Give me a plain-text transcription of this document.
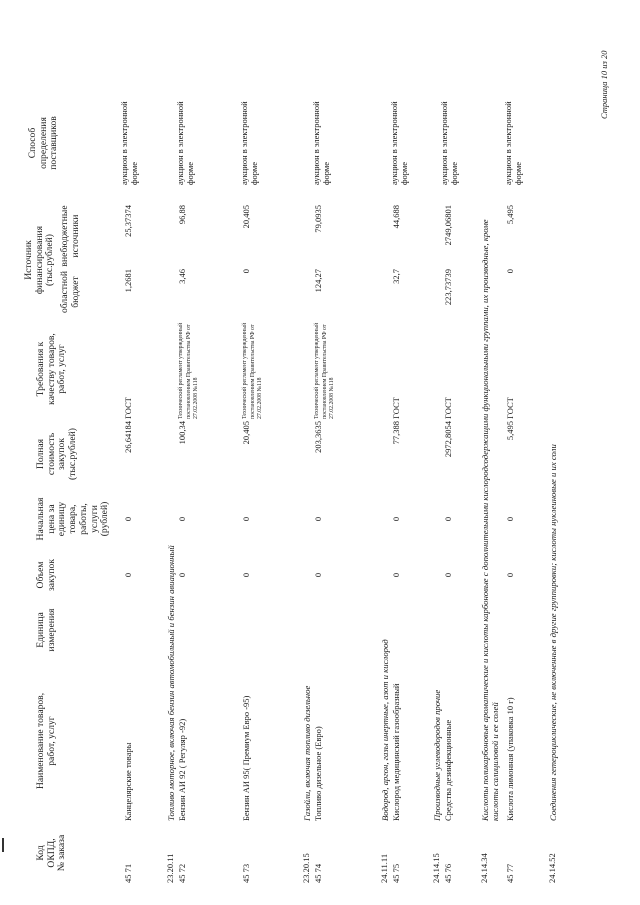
Код ОКПД, № заказа
Наименование товаров, работ, услуг
Единица измерения
Объем закупок
Начальная цена за единицу товара, работы, услуги (рублей)
Полная стоимость закупок (тыс.рублей)
Требования к качеству товаров, работ, услуг
Источник финансирования (тыс.рублей)
областной бюджет
внебюджетные источники
Способ определения поставщиков
45 71
Канцелярские товары
0
0
26,64184
ГОСТ
1,2681
25,37374
аукцион в электронной форме
23.20.11
Топливо моторное, включая бензин автомобильный и бензин авиационный
45 72
Бензин АИ 92 ( Регуляр -92)
0
0
100,34
Технический регламент утвержденный постановлением Правительства РФ от 27.02.2008 №118
3,46
96,88
аукцион в электронной форме
45 73
Бензин АИ 95( Премиум Евро -95)
0
0
20,405
Технический регламент утвержденный постановлением Правительства РФ от 27.02.2008 №118
0
20,405
аукцион в электронной форме
23.20.15
Газойли, включая топливо дизельное
45 74
Топливо дизельное (Евро)
0
0
203,3635
Технический регламент утвержденный постановлением Правительства РФ от 27.02.2008 №118
124,27
79,0935
аукцион в электронной форме
24.11.11
Водород, аргон, газы инертные, азот и кислород
45 75
Кислород медицинский газообразный
0
0
77,388
ГОСТ
32,7
44,688
аукцион в электронной форме
24.14.15
Производные углеводородов прочие
45 76
Средства дезинфекционные
0
0
2972,8054
ГОСТ
223,73739
2749,06801
аукцион в электронной форме
24.14.34
Кислоты поликарбоновые ароматические и кислоты карбоновые с дополнительными кислородсодержащими функциональными группами, их производные, кроме кислоты салициловой и ее солей
45 77
Кислота лимонная (упаковка 10 г)
0
0
5,495
ГОСТ
0
5,495
аукцион в электронной форме
24.14.52
Соединения гетероциклические, не включенные в другие группировки; кислоты нуклеиновые и их соли
Страница 10 из 20
